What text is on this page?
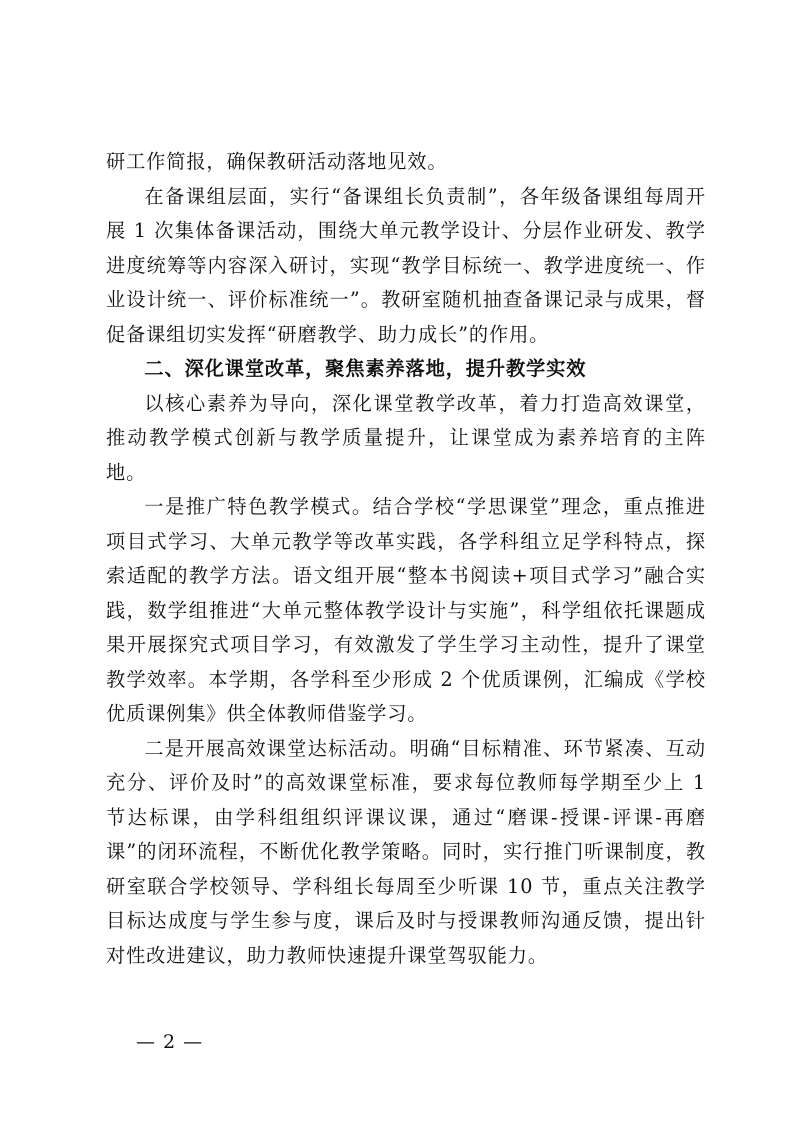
研工作简报，确保教研活动落地见效。

在备课组层面，实行“备课组长负责制”，各年级备课组每周开展 1 次集体备课活动，围绕大单元教学设计、分层作业研发、教学进度统筹等内容深入研讨，实现“教学目标统一、教学进度统一、作业设计统一、评价标准统一”。教研室随机抽查备课记录与成果，督促备课组切实发挥“研磨教学、助力成长”的作用。

二、深化课堂改革，聚焦素养落地，提升教学实效

以核心素养为导向，深化课堂教学改革，着力打造高效课堂，推动教学模式创新与教学质量提升，让课堂成为素养培育的主阵地。

一是推广特色教学模式。结合学校“学思课堂”理念，重点推进项目式学习、大单元教学等改革实践，各学科组立足学科特点，探索适配的教学方法。语文组开展“整本书阅读+项目式学习”融合实践，数学组推进“大单元整体教学设计与实施”，科学组依托课题成果开展探究式项目学习，有效激发了学生学习主动性，提升了课堂教学效率。本学期，各学科至少形成 2 个优质课例，汇编成《学校优质课例集》供全体教师借鉴学习。

二是开展高效课堂达标活动。明确“目标精准、环节紧凑、互动充分、评价及时”的高效课堂标准，要求每位教师每学期至少上 1 节达标课，由学科组组织评课议课，通过“磨课-授课-评课-再磨课”的闭环流程，不断优化教学策略。同时，实行推门听课制度，教研室联合学校领导、学科组长每周至少听课 10 节，重点关注教学目标达成度与学生参与度，课后及时与授课教师沟通反馈，提出针对性改进建议，助力教师快速提升课堂驾驭能力。

— 2 —
